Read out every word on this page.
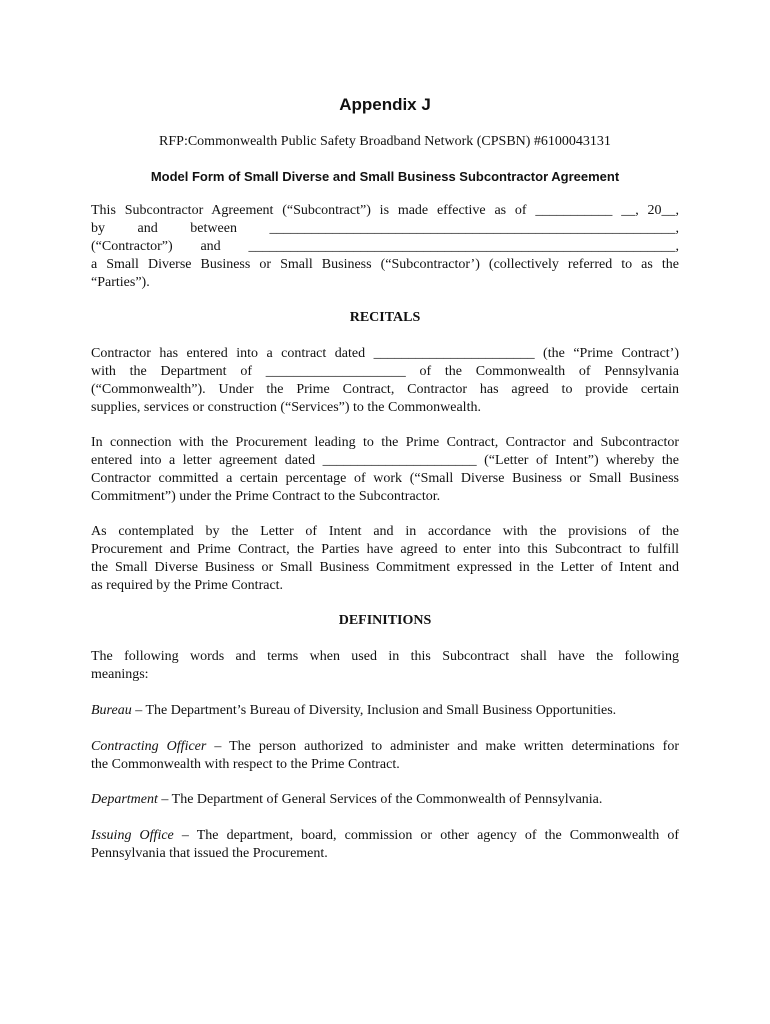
Appendix J
RFP:Commonwealth Public Safety Broadband Network (CPSBN) #6100043131
Model Form of Small Diverse and Small Business Subcontractor Agreement
This Subcontractor Agreement (“Subcontract”) is made effective as of ___________ __, 20__,
by and between __________________________________________________________,
(“Contractor”) and _____________________________________________________________,
a Small Diverse Business or Small Business (“Subcontractor’) (collectively referred to as the
“Parties”).
RECITALS
Contractor has entered into a contract dated _______________________ (the “Prime Contract’)
with the Department of ____________________ of the Commonwealth of Pennsylvania
(“Commonwealth”). Under the Prime Contract, Contractor has agreed to provide certain
supplies, services or construction (“Services”) to the Commonwealth.
In connection with the Procurement leading to the Prime Contract, Contractor and Subcontractor
entered into a letter agreement dated ______________________ (“Letter of Intent”) whereby the
Contractor committed a certain percentage of work (“Small Diverse Business or Small Business
Commitment”) under the Prime Contract to the Subcontractor.
As contemplated by the Letter of Intent and in accordance with the provisions of the
Procurement and Prime Contract, the Parties have agreed to enter into this Subcontract to fulfill
the Small Diverse Business or Small Business Commitment expressed in the Letter of Intent and
as required by the Prime Contract.
DEFINITIONS
The following words and terms when used in this Subcontract shall have the following
meanings:
Bureau – The Department’s Bureau of Diversity, Inclusion and Small Business Opportunities.
Contracting Officer – The person authorized to administer and make written determinations for
the Commonwealth with respect to the Prime Contract.
Department – The Department of General Services of the Commonwealth of Pennsylvania.
Issuing Office – The department, board, commission or other agency of the Commonwealth of
Pennsylvania that issued the Procurement.
